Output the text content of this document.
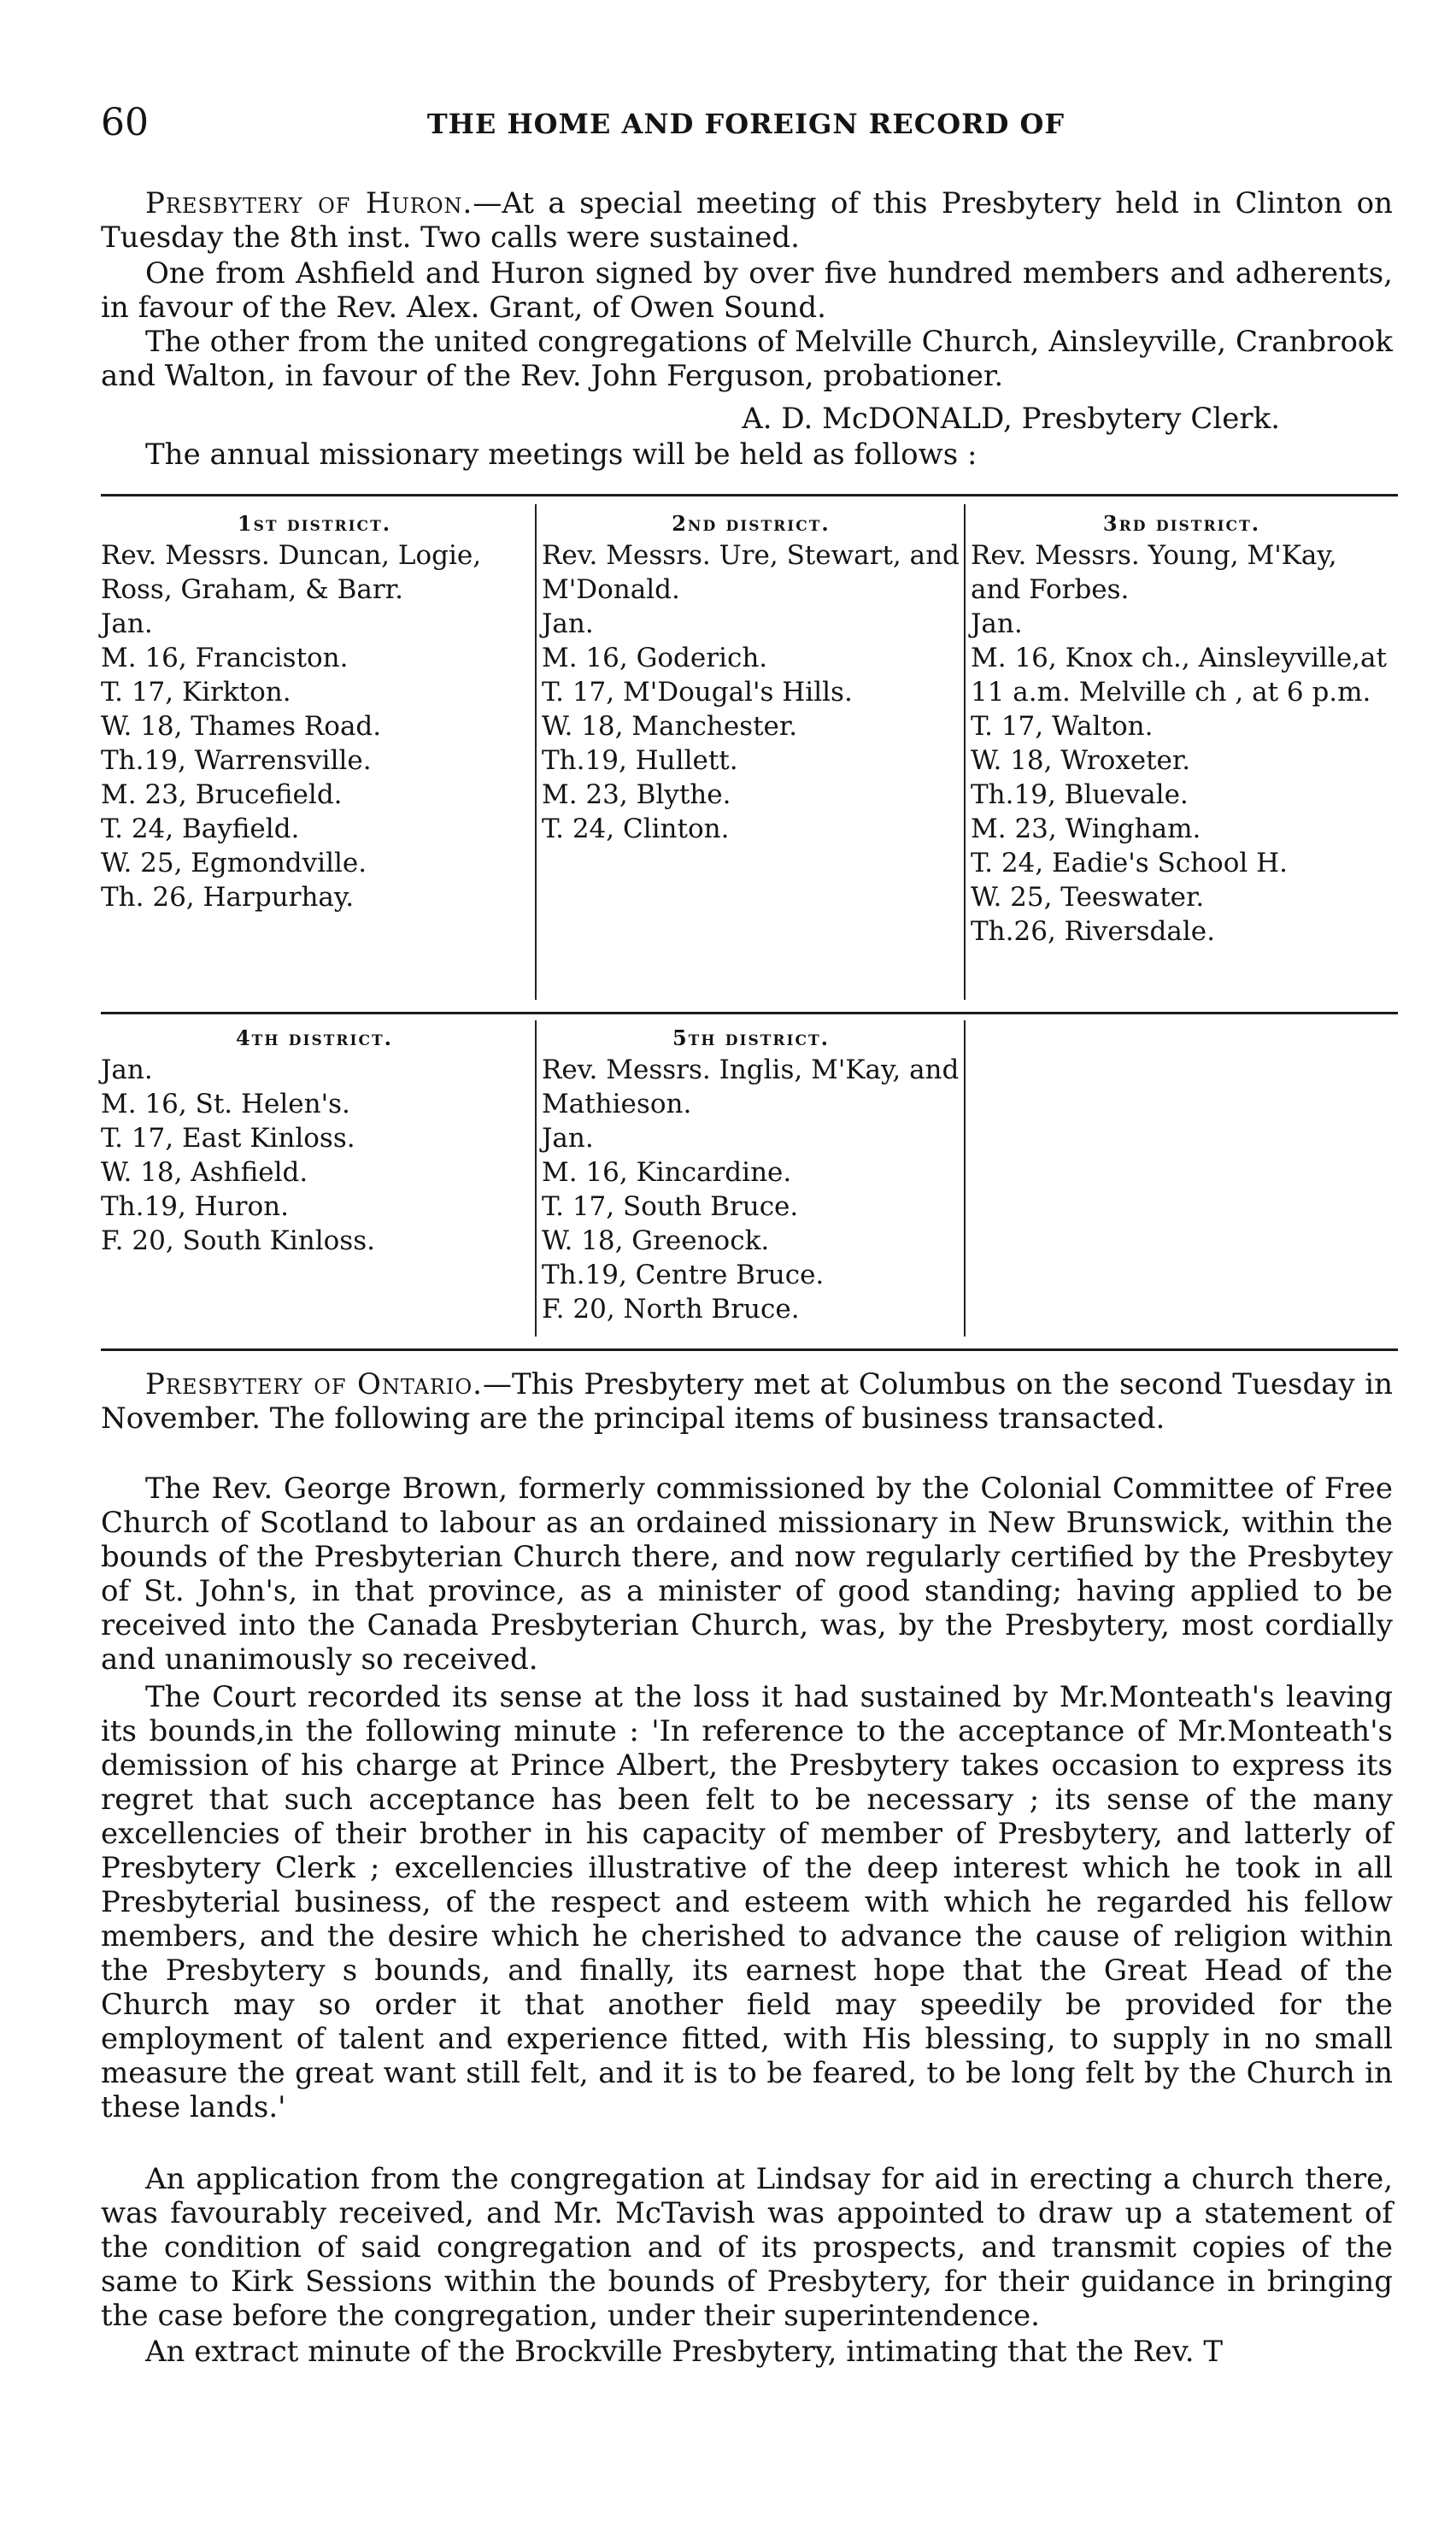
60	THE HOME AND FOREIGN RECORD OF

Presbytery of Huron.—At a special meeting of this Presbytery held in Clinton on Tuesday the 8th inst. Two calls were sustained.

One from Ashfield and Huron signed by over five hundred members and adherents, in favour of the Rev. Alex. Grant, of Owen Sound.

The other from the united congregations of Melville Church, Ainsleyville, Cranbrook and Walton, in favour of the Rev. John Ferguson, probationer.

A. D. McDONALD, Presbytery Clerk.

The annual missionary meetings will be held as follows :

1st district.
Rev. Messrs. Duncan, Logie, Ross, Graham, & Barr.
Jan.
M. 16, Franciston.
T. 17, Kirkton.
W. 18, Thames Road.
Th.19, Warrensville.
M. 23, Brucefield.
T. 24, Bayfield.
W. 25, Egmondville.
Th. 26, Harpurhay.
2nd district.
Rev. Messrs. Ure, Stewart, and M'Donald.
Jan.
M. 16, Goderich.
T. 17, M'Dougal's Hills.
W. 18, Manchester.
Th.19, Hullett.
M. 23, Blythe.
T. 24, Clinton.
3rd district.
Rev. Messrs. Young, M'Kay, and Forbes.
Jan.
M. 16, Knox ch., Ainsleyville,at 11 a.m. Melville ch , at 6 p.m.
T. 17, Walton.
W. 18, Wroxeter.
Th.19, Bluevale.
M. 23, Wingham.
T. 24, Eadie's School H.
W. 25, Teeswater.
Th.26, Riversdale.
4th district.
Jan.
M. 16, St. Helen's.
T. 17, East Kinloss.
W. 18, Ashfield.
Th.19, Huron.
F. 20, South Kinloss.
5th district.
Rev. Messrs. Inglis, M'Kay, and Mathieson.
Jan.
M. 16, Kincardine.
T. 17, South Bruce.
W. 18, Greenock.
Th.19, Centre Bruce.
F. 20, North Bruce.

Presbytery of Ontario.—This Presbytery met at Columbus on the second Tuesday in November. The following are the principal items of business transacted.

The Rev. George Brown, formerly commissioned by the Colonial Committee of Free Church of Scotland to labour as an ordained missionary in New Brunswick, within the bounds of the Presbyterian Church there, and now regularly certified by the Presbytey of St. John's, in that province, as a minister of good standing; having applied to be received into the Canada Presbyterian Church, was, by the Presbytery, most cordially and unanimously so received.

The Court recorded its sense at the loss it had sustained by Mr.Monteath's leaving its bounds,in the following minute : 'In reference to the acceptance of Mr.Monteath's demission of his charge at Prince Albert, the Presbytery takes occasion to express its regret that such acceptance has been felt to be necessary ; its sense of the many excellencies of their brother in his capacity of member of Presbytery, and latterly of Presbytery Clerk ; excellencies illustrative of the deep interest which he took in all Presbyterial business, of the respect and esteem with which he regarded his fellow members, and the desire which he cherished to advance the cause of religion within the Presbytery s bounds, and finally, its earnest hope that the Great Head of the Church may so order it that another field may speedily be provided for the employment of talent and experience fitted, with His blessing, to supply in no small measure the great want still felt, and it is to be feared, to be long felt by the Church in these lands.'

An application from the congregation at Lindsay for aid in erecting a church there, was favourably received, and Mr. McTavish was appointed to draw up a statement of the condition of said congregation and of its prospects, and transmit copies of the same to Kirk Sessions within the bounds of Presbytery, for their guidance in bringing the case before the congregation, under their superintendence.

An extract minute of the Brockville Presbytery, intimating that the Rev. T
